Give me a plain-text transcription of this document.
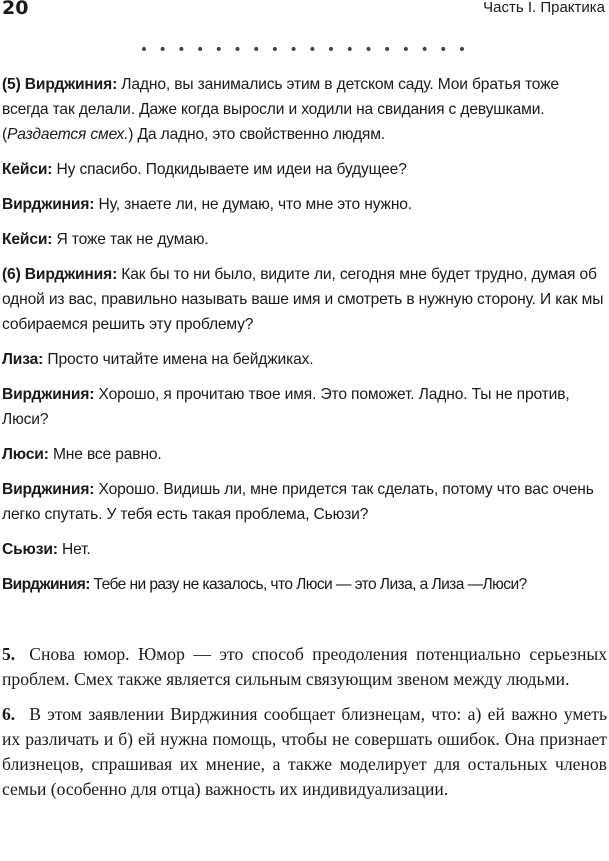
20	Часть I. Практика
• • • • • • • • • • • • • • • • • •

(5) Вирджиния: Ладно, вы занимались этим в детском саду. Мои братья тоже всегда так делали. Даже когда выросли и ходили на свидания с девушками. (Раздается смех.) Да ладно, это свойственно людям.

Кейси: Ну спасибо. Подкидываете им идеи на будущее?

Вирджиния: Ну, знаете ли, не думаю, что мне это нужно.

Кейси: Я тоже так не думаю.

(6) Вирджиния: Как бы то ни было, видите ли, сегодня мне будет трудно, думая об одной из вас, правильно называть ваше имя и смотреть в нужную сторону. И как мы собираемся решить эту проблему?

Лиза: Просто читайте имена на бейджиках.

Вирджиния: Хорошо, я прочитаю твое имя. Это поможет. Ладно. Ты не против, Люси?

Люси: Мне все равно.

Вирджиния: Хорошо. Видишь ли, мне придется так сделать, потому что вас очень легко спутать. У тебя есть такая проблема, Сьюзи?

Сьюзи: Нет.

Вирджиния: Тебе ни разу не казалось, что Люси — это Лиза, а Лиза —Люси?

5. Снова юмор. Юмор — это способ преодоления потенциально серьезных проблем. Смех также является сильным связующим звеном между людьми.

6. В этом заявлении Вирджиния сообщает близнецам, что: а) ей важно уметь их различать и б) ей нужна помощь, чтобы не совершать ошибок. Она признает близнецов, спрашивая их мнение, а также моделирует для остальных членов семьи (особенно для отца) важность их индивидуализации.
